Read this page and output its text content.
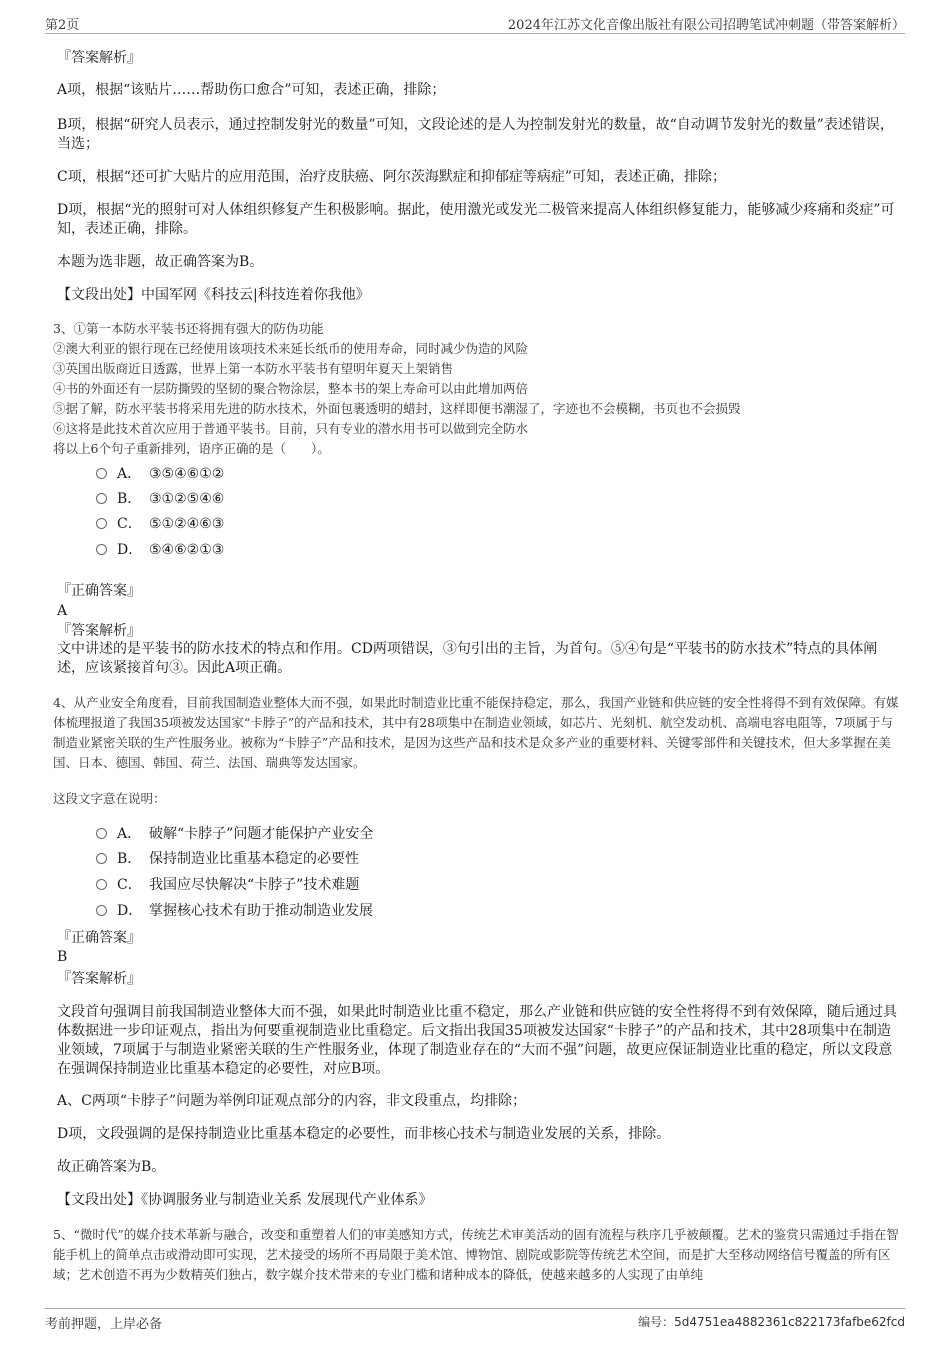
第2页	2024年江苏文化音像出版社有限公司招聘笔试冲刺题（带答案解析）
『答案解析』
A项，根据“该贴片……帮助伤口愈合”可知，表述正确，排除；
B项，根据“研究人员表示，通过控制发射光的数量”可知，文段论述的是人为控制发射光的数量，故“自动调节发射光的数量”表述错误，当选；
C项，根据“还可扩大贴片的应用范围，治疗皮肤癌、阿尔茨海默症和抑郁症等病症”可知，表述正确，排除；
D项，根据“光的照射可对人体组织修复产生积极影响。据此，使用激光或发光二极管来提高人体组织修复能力，能够减少疼痛和炎症”可知，表述正确，排除。
本题为选非题，故正确答案为B。
【文段出处】中国军网《科技云|科技连着你我他》
3、①第一本防水平装书还将拥有强大的防伪功能
②澳大利亚的银行现在已经使用该项技术来延长纸币的使用寿命，同时减少伪造的风险
③英国出版商近日透露，世界上第一本防水平装书有望明年夏天上架销售
④书的外面还有一层防撕毁的坚韧的聚合物涂层，整本书的架上寿命可以由此增加两倍
⑤据了解，防水平装书将采用先进的防水技术，外面包裹透明的蜡封，这样即便书潮湿了，字迹也不会模糊，书页也不会损毁
⑥这将是此技术首次应用于普通平装书。目前，只有专业的潜水用书可以做到完全防水
将以上6个句子重新排列，语序正确的是（　　）。
A． ③⑤④⑥①②
B． ③①②⑤④⑥
C． ⑤①②④⑥③
D． ⑤④⑥②①③
『正确答案』
A
『答案解析』
文中讲述的是平装书的防水技术的特点和作用。CD两项错误，③句引出的主旨，为首句。⑤④句是“平装书的防水技术”特点的具体阐述，应该紧接首句③。因此A项正确。
4、从产业安全角度看，目前我国制造业整体大而不强，如果此时制造业比重不能保持稳定，那么，我国产业链和供应链的安全性将得不到有效保障。有媒体梳理报道了我国35项被发达国家“卡脖子”的产品和技术，其中有28项集中在制造业领域，如芯片、光刻机、航空发动机、高端电容电阻等，7项属于与制造业紧密关联的生产性服务业。被称为“卡脖子”产品和技术，是因为这些产品和技术是众多产业的重要材料、关键零部件和关键技术，但大多掌握在美国、日本、德国、韩国、荷兰、法国、瑞典等发达国家。
这段文字意在说明：
A． 破解“卡脖子”问题才能保护产业安全
B． 保持制造业比重基本稳定的必要性
C． 我国应尽快解决“卡脖子”技术难题
D． 掌握核心技术有助于推动制造业发展
『正确答案』
B
『答案解析』
文段首句强调目前我国制造业整体大而不强，如果此时制造业比重不稳定，那么产业链和供应链的安全性将得不到有效保障，随后通过具体数据进一步印证观点，指出为何要重视制造业比重稳定。后文指出我国35项被发达国家“卡脖子”的产品和技术，其中28项集中在制造业领域，7项属于与制造业紧密关联的生产性服务业，体现了制造业存在的“大而不强”问题，故更应保证制造业比重的稳定，所以文段意在强调保持制造业比重基本稳定的必要性，对应B项。
A、C两项“卡脖子”问题为举例印证观点部分的内容，非文段重点，均排除；
D项，文段强调的是保持制造业比重基本稳定的必要性，而非核心技术与制造业发展的关系，排除。
故正确答案为B。
【文段出处】《协调服务业与制造业关系 发展现代产业体系》
5、“微时代”的媒介技术革新与融合，改变和重塑着人们的审美感知方式，传统艺术审美活动的固有流程与秩序几乎被颠覆。艺术的鉴赏只需通过手指在智能手机上的简单点击或滑动即可实现，艺术接受的场所不再局限于美术馆、博物馆、剧院或影院等传统艺术空间，而是扩大至移动网络信号覆盖的所有区域；艺术创造不再为少数精英们独占，数字媒介技术带来的专业门槛和诸种成本的降低，使越来越多的人实现了由单纯
考前押题，上岸必备	编号：5d4751ea4882361c822173fafbe62fcd
